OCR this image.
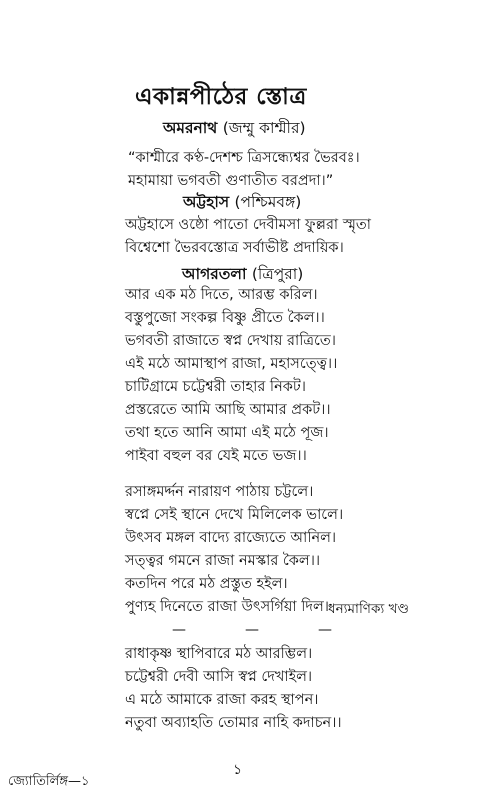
একান্নপীঠের স্তোত্র
অমরনাথ (জম্মু কাশ্মীর)
“কাশ্মীরে কণ্ঠ-দেশশ্চ ত্রিসন্ধ্যেশ্বর ভৈরবঃ।
মহামায়া ভগবতী গুণাতীত বরপ্রদা।”
অট্টহাস (পশ্চিমবঙ্গ)
অট্টহাসে ওষ্ঠো পাতো দেবীমসা ফুল্লরা স্মৃতা
বিশ্বেশো ভৈরবস্তোত্র সর্বাভীষ্ট প্রদায়িক।
আগরতলা (ত্রিপুরা)
আর এক মঠ দিতে, আরম্ভ করিল।
বস্তুপুজো সংকল্প বিষ্ণু প্রীতে কৈল।।
ভগবতী রাজাতে স্বপ্ন দেখায় রাত্রিতে।
এই মঠে আমাস্থাপ রাজা, মহাসত্ত্বে।।
চাটিগ্রামে চট্টেশ্বরী তাহার নিকট।
প্রস্তরেতে আমি আছি আমার প্রকট।।
তথা হতে আনি আমা এই মঠে পূজ।
পাইবা বহুল বর যেই মতে ভজ।।
রসাঙ্গমর্দ্দন নারায়ণ পাঠায় চট্টলে।
স্বপ্নে সেই স্থানে দেখে মিলিলেক ভালে।
উৎসব মঙ্গল বাদ্যে রাজ্যেতে আনিল।
সত্ত্বর গমনে রাজা নমস্কার কৈল।।
কতদিন পরে মঠ প্রস্তুত হইল।
পুণ্যহ দিনেতে রাজা উৎসর্গিয়া দিল। ধন্যমাণিক্য খণ্ড
—	—	—
রাধাকৃষ্ণ স্থাপিবারে মঠ আরম্ভিল।
চট্টেশ্বরী দেবী আসি স্বপ্ন দেখাইল।
এ মঠে আমাকে রাজা করহ স্থাপন।
নতুবা অব্যাহতি তোমার নাহি কদাচন।।
১
জ্যোতির্লিঙ্গ—১
